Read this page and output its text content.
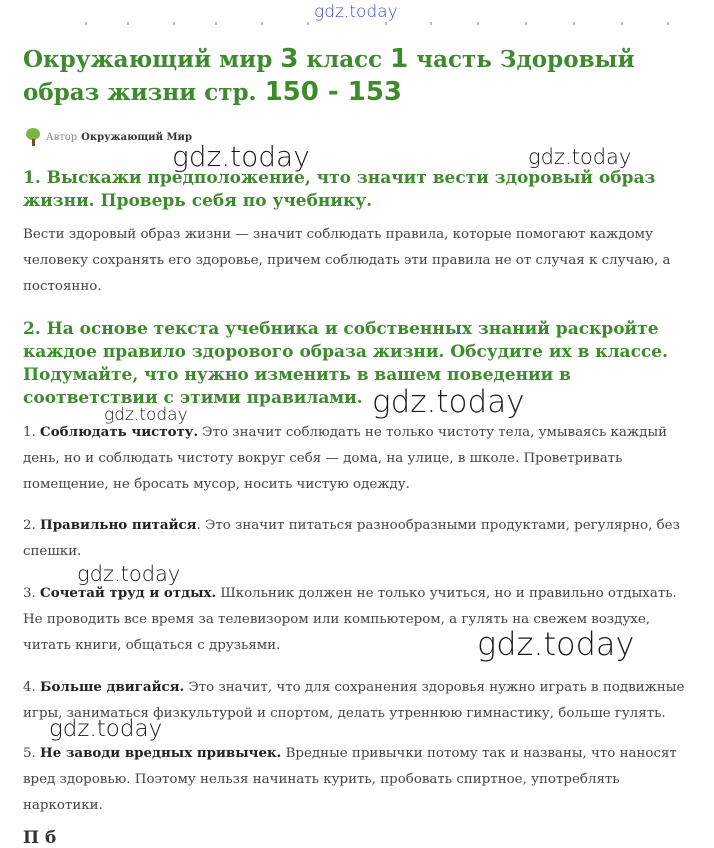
gdz.today
gdz.today	gdz.today
gdz.today
gdz.today
gdz.today
gdz.today
gdz.today
Окружающий мир 3 класс 1 часть Здоровый образ жизни стр. 150 - 153
Автор Окружающий Мир
1. Выскажи предположение, что значит вести здоровый образ жизни. Проверь себя по учебнику.

Вести здоровый образ жизни — значит соблюдать правила, которые помогают каждому человеку сохранять его здоровье, причем соблюдать эти правила не от случая к случаю, а постоянно.

2. На основе текста учебника и собственных знаний раскройте каждое правило здорового образа жизни. Обсудите их в классе. Подумайте, что нужно изменить в вашем поведении в соответствии с этими правилами.

1. Соблюдать чистоту. Это значит соблюдать не только чистоту тела, умываясь каждый день, но и соблюдать чистоту вокруг себя — дома, на улице, в школе. Проветривать помещение, не бросать мусор, носить чистую одежду.

2. Правильно питайся. Это значит питаться разнообразными продуктами, регулярно, без спешки.

3. Сочетай труд и отдых. Школьник должен не только учиться, но и правильно отдыхать. Не проводить все время за телевизором или компьютером, а гулять на свежем воздухе, читать книги, общаться с друзьями.

4. Больше двигайся. Это значит, что для сохранения здоровья нужно играть в подвижные игры, заниматься физкультурой и спортом, делать утреннюю гимнастику, больше гулять.

5. Не заводи вредных привычек. Вредные привычки потому так и названы, что наносят вред здоровью. Поэтому нельзя начинать курить, пробовать спиртное, употреблять наркотики.

П б
